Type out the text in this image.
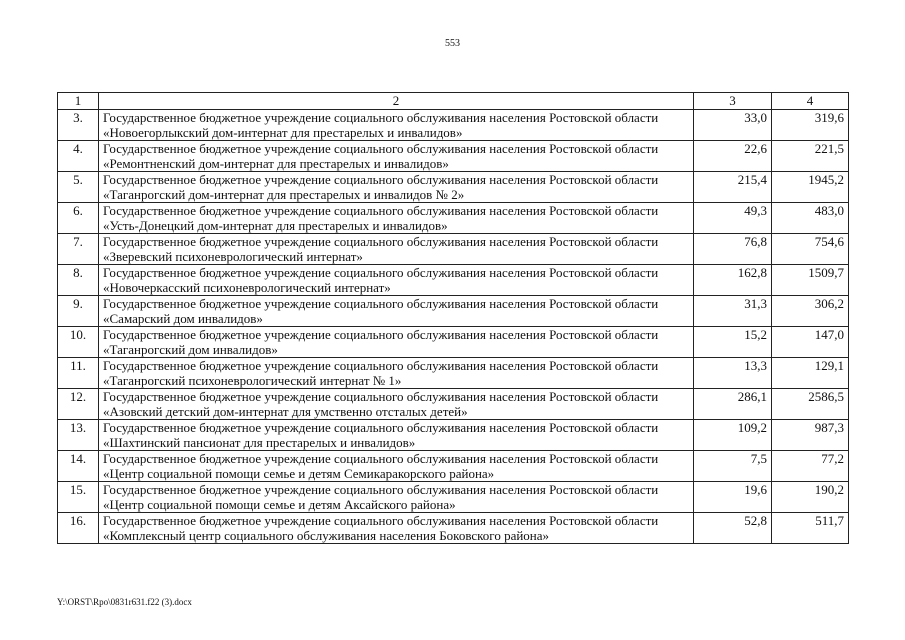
553
1	2	3	4
3.	Государственное бюджетное учреждение социального обслуживания населения Ростовской области «Новоегорлыкский дом-интернат для престарелых и инвалидов»	33,0	319,6
4.	Государственное бюджетное учреждение социального обслуживания населения Ростовской области «Ремонтненский дом-интернат для престарелых и инвалидов»	22,6	221,5
5.	Государственное бюджетное учреждение социального обслуживания населения Ростовской области «Таганрогский дом-интернат для престарелых и инвалидов № 2»	215,4	1945,2
6.	Государственное бюджетное учреждение социального обслуживания населения Ростовской области «Усть-Донецкий дом-интернат для престарелых и инвалидов»	49,3	483,0
7.	Государственное бюджетное учреждение социального обслуживания населения Ростовской области «Зверевский психоневрологический интернат»	76,8	754,6
8.	Государственное бюджетное учреждение социального обслуживания населения Ростовской области «Новочеркасский психоневрологический интернат»	162,8	1509,7
9.	Государственное бюджетное учреждение социального обслуживания населения Ростовской области «Самарский дом инвалидов»	31,3	306,2
10.	Государственное бюджетное учреждение социального обслуживания населения Ростовской области «Таганрогский дом инвалидов»	15,2	147,0
11.	Государственное бюджетное учреждение социального обслуживания населения Ростовской области «Таганрогский психоневрологический интернат № 1»	13,3	129,1
12.	Государственное бюджетное учреждение социального обслуживания населения Ростовской области «Азовский детский дом-интернат для умственно отсталых детей»	286,1	2586,5
13.	Государственное бюджетное учреждение социального обслуживания населения Ростовской области «Шахтинский пансионат для престарелых и инвалидов»	109,2	987,3
14.	Государственное бюджетное учреждение социального обслуживания населения Ростовской области «Центр социальной помощи семье и детям Семикаракорского района»	7,5	77,2
15.	Государственное бюджетное учреждение социального обслуживания населения Ростовской области «Центр социальной помощи семье и детям Аксайского района»	19,6	190,2
16.	Государственное бюджетное учреждение социального обслуживания населения Ростовской области «Комплексный центр социального обслуживания населения Боковского района»	52,8	511,7
Y:\ORST\Rpo\0831r631.f22 (3).docx
